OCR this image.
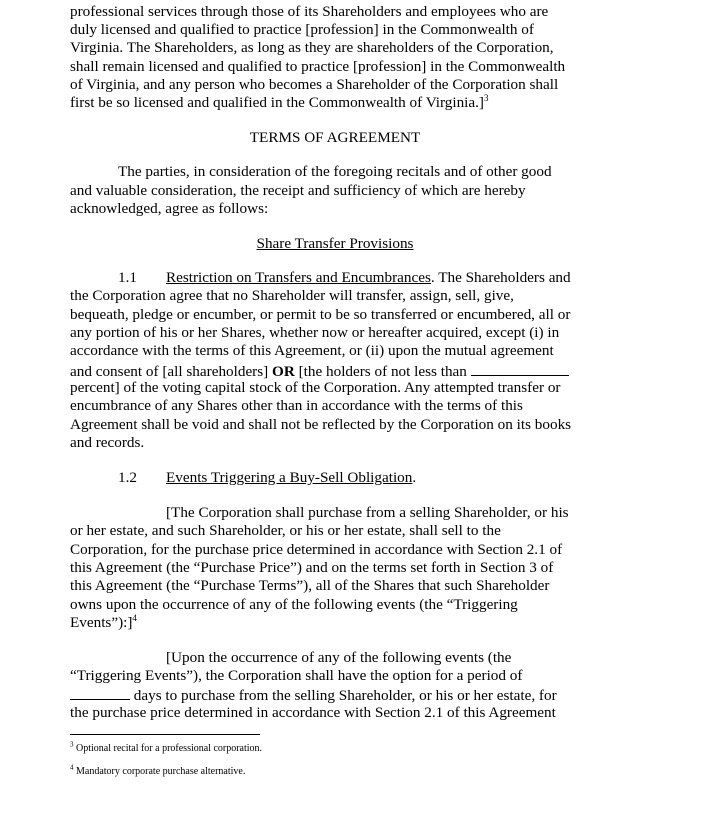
professional services through those of its Shareholders and employees who are
duly licensed and qualified to practice [profession] in the Commonwealth of
Virginia. The Shareholders, as long as they are shareholders of the Corporation,
shall remain licensed and qualified to practice [profession] in the Commonwealth
of Virginia, and any person who becomes a Shareholder of the Corporation shall
first be so licensed and qualified in the Commonwealth of Virginia.]$^3$
TERMS OF AGREEMENT
The parties, in consideration of the foregoing recitals and of other good
and valuable consideration, the receipt and sufficiency of which are hereby
acknowledged, agree as follows:
Share Transfer Provisions
1.1 Restriction on Transfers and Encumbrances. The Shareholders and
the Corporation agree that no Shareholder will transfer, assign, sell, give,
bequeath, pledge or encumber, or permit to be so transferred or encumbered, all or
any portion of his or her Shares, whether now or hereafter acquired, except (i) in
accordance with the terms of this Agreement, or (ii) upon the mutual agreement
and consent of [all shareholders] OR [the holders of not less than
percent] of the voting capital stock of the Corporation. Any attempted transfer or
encumbrance of any Shares other than in accordance with the terms of this
Agreement shall be void and shall not be reflected by the Corporation on its books
and records.
1.2 Events Triggering a Buy-Sell Obligation.
[The Corporation shall purchase from a selling Shareholder, or his
or her estate, and such Shareholder, or his or her estate, shall sell to the
Corporation, for the purchase price determined in accordance with Section 2.1 of
this Agreement (the “Purchase Price”) and on the terms set forth in Section 3 of
this Agreement (the “Purchase Terms”), all of the Shares that such Shareholder
owns upon the occurrence of any of the following events (the “Triggering
Events”):]$^4$
[Upon the occurrence of any of the following events (the
“Triggering Events”), the Corporation shall have the option for a period of
days to purchase from the selling Shareholder, or his or her estate, for
the purchase price determined in accordance with Section 2.1 of this Agreement
$^3$ Optional recital for a professional corporation.
$^4$ Mandatory corporate purchase alternative.
